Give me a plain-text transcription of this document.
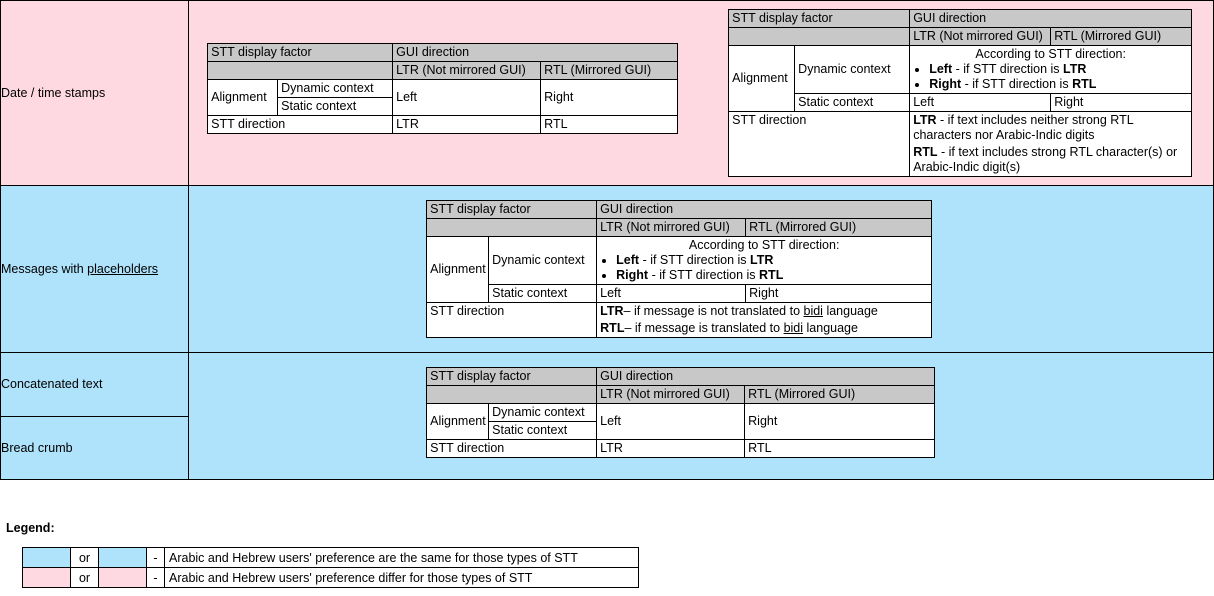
Date / time stamps	
STT display factor	GUI direction
	LTR (Not mirrored GUI)	RTL (Mirrored GUI)
Alignment	Dynamic context	Left	Right
Static context
STT direction	LTR	RTL
STT display factor	GUI direction
	LTR (Not mirrored GUI)	RTL (Mirrored GUI)
Alignment	Dynamic context	
According to STT direction:
• Left - if STT direction is LTR
• Right - if STT direction is RTL

Static context	Left	Right
STT direction	LTR - if text includes neither strong RTL characters nor Arabic-Indic digits
RTL - if text includes strong RTL character(s) or Arabic-Indic digit(s)

Messages with placeholders	
STT display factor	GUI direction
	LTR (Not mirrored GUI)	RTL (Mirrored GUI)
Alignment	Dynamic context	
According to STT direction:
• Left - if STT direction is LTR
• Right - if STT direction is RTL

Static context	Left	Right
STT direction	LTR– if message is not translated to bidi language
RTL– if message is translated to bidi language

Concatenated text	
STT display factor	GUI direction
	LTR (Not mirrored GUI)	RTL (Mirrored GUI)
Alignment	Dynamic context	Left	Right
Static context
STT direction	LTR	RTL

Bread crumb
Legend:
	or		-	Arabic and Hebrew users' preference are the same for those types of STT
	or		-	Arabic and Hebrew users' preference differ for those types of STT
